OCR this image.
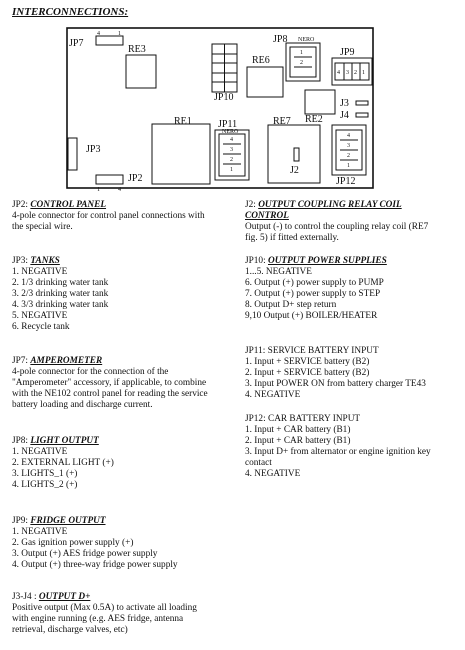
INTERCONNECTIONS:
JP7
RE3
JP8
JP9
RE6
JP10
J3
J4
RE2
RE1	JP11	RE7
JP3
J2
JP12
JP2
NERO
NERO
4	1
1	4
4 3 2 1
4
3
2
1
4
3
2
1
1
2
JP2: CONTROL PANEL
4-pole connector for control panel connections with
the special wire.
JP3: TANKS
1. NEGATIVE
2. 1/3 drinking water tank
3. 2/3 drinking water tank
4. 3/3 drinking water tank
5. NEGATIVE
6. Recycle tank
JP7: AMPEROMETER
4-pole connector for the connection of the
"Amperometer" accessory, if applicable, to combine
with the NE102 control panel for reading the service
battery loading and discharge current.
JP8: LIGHT OUTPUT
1. NEGATIVE
2. EXTERNAL LIGHT (+)
3. LIGHTS_1 (+)
4. LIGHTS_2 (+)
JP9: FRIDGE OUTPUT
1. NEGATIVE
2. Gas ignition power supply (+)
3. Output (+) AES fridge power supply
4. Output (+) three-way fridge power supply
J3-J4 : OUTPUT D+
Positive output (Max 0.5A) to activate all loading
with engine running (e.g. AES fridge, antenna
retrieval, discharge valves, etc)
J2: OUTPUT COUPLING RELAY COIL
CONTROL
Output (-) to control the coupling relay coil (RE7
fig. 5) if fitted externally.
JP10: OUTPUT POWER SUPPLIES
1...5. NEGATIVE
6. Output (+) power supply to PUMP
7. Output (+) power supply to STEP
8. Output D+ step return
9,10 Output (+) BOILER/HEATER
JP11: SERVICE BATTERY INPUT
1. Input + SERVICE battery (B2)
2. Input + SERVICE battery (B2)
3. Input POWER ON from battery charger TE43
4. NEGATIVE
JP12: CAR BATTERY INPUT
1. Input + CAR battery (B1)
2. Input + CAR battery (B1)
3. Input D+ from alternator or engine ignition key
contact
4. NEGATIVE
